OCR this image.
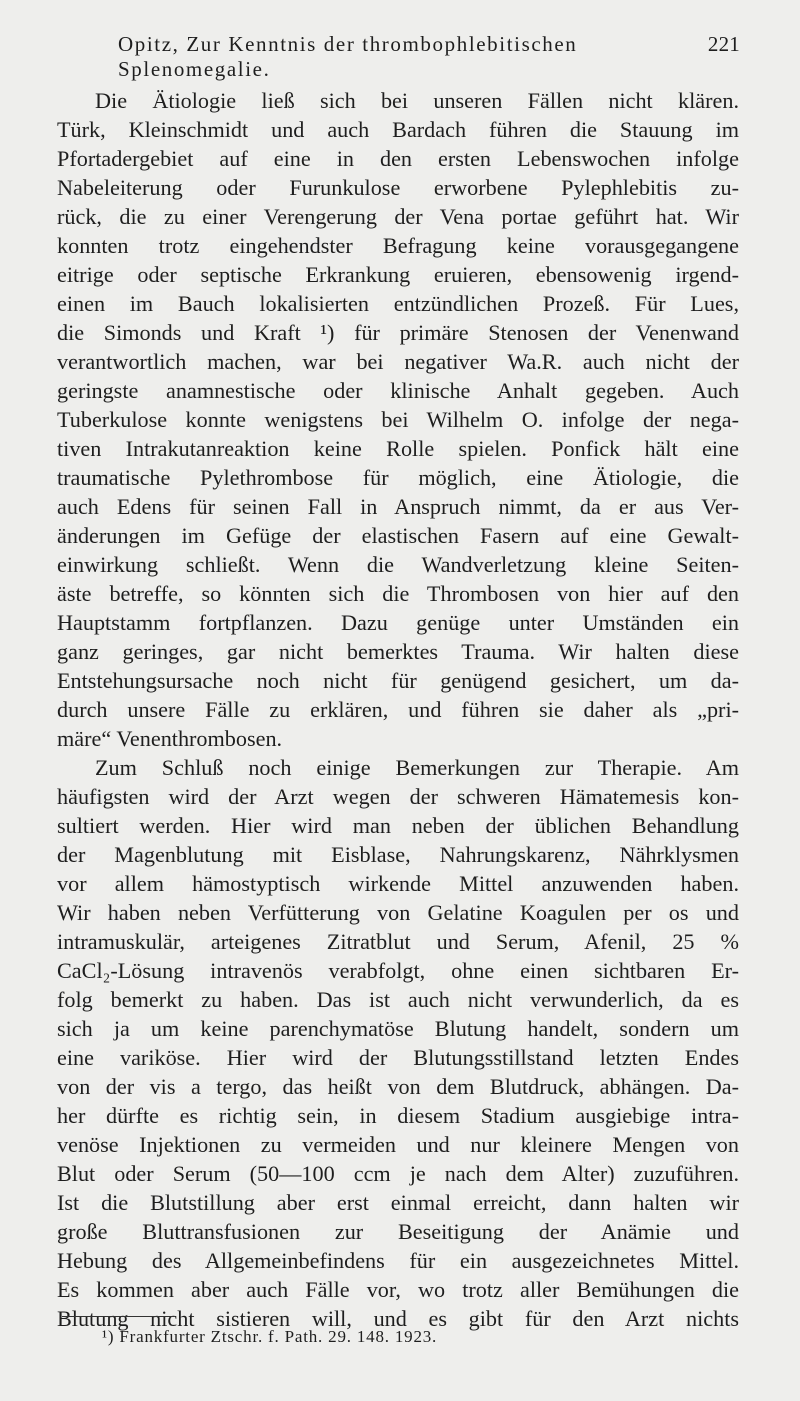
Opitz, Zur Kenntnis der thrombophlebitischen Splenomegalie.
221
Die Ätiologie ließ sich bei unseren Fällen nicht klären.
Türk, Kleinschmidt und auch Bardach führen die Stauung im
Pfortadergebiet auf eine in den ersten Lebenswochen infolge
Nabeleiterung oder Furunkulose erworbene Pylephlebitis zu-
rück, die zu einer Verengerung der Vena portae geführt hat. Wir
konnten trotz eingehendster Befragung keine vorausgegangene
eitrige oder septische Erkrankung eruieren, ebensowenig irgend-
einen im Bauch lokalisierten entzündlichen Prozeß. Für Lues,
die Simonds und Kraft ¹) für primäre Stenosen der Venenwand
verantwortlich machen, war bei negativer Wa.R. auch nicht der
geringste anamnestische oder klinische Anhalt gegeben. Auch
Tuberkulose konnte wenigstens bei Wilhelm O. infolge der nega-
tiven Intrakutanreaktion keine Rolle spielen. Ponfick hält eine
traumatische Pylethrombose für möglich, eine Ätiologie, die
auch Edens für seinen Fall in Anspruch nimmt, da er aus Ver-
änderungen im Gefüge der elastischen Fasern auf eine Gewalt-
einwirkung schließt. Wenn die Wandverletzung kleine Seiten-
äste betreffe, so könnten sich die Thrombosen von hier auf den
Hauptstamm fortpflanzen. Dazu genüge unter Umständen ein
ganz geringes, gar nicht bemerktes Trauma. Wir halten diese
Entstehungsursache noch nicht für genügend gesichert, um da-
durch unsere Fälle zu erklären, und führen sie daher als „pri-
märe“ Venenthrombosen.
Zum Schluß noch einige Bemerkungen zur Therapie. Am
häufigsten wird der Arzt wegen der schweren Hämatemesis kon-
sultiert werden. Hier wird man neben der üblichen Behandlung
der Magenblutung mit Eisblase, Nahrungskarenz, Nährklysmen
vor allem hämostyptisch wirkende Mittel anzuwenden haben.
Wir haben neben Verfütterung von Gelatine Koagulen per os und
intramuskulär, arteigenes Zitratblut und Serum, Afenil, 25 %
CaCl₂-Lösung intravenös verabfolgt, ohne einen sichtbaren Er-
folg bemerkt zu haben. Das ist auch nicht verwunderlich, da es
sich ja um keine parenchymatöse Blutung handelt, sondern um
eine variköse. Hier wird der Blutungsstillstand letzten Endes
von der vis a tergo, das heißt von dem Blutdruck, abhängen. Da-
her dürfte es richtig sein, in diesem Stadium ausgiebige intra-
venöse Injektionen zu vermeiden und nur kleinere Mengen von
Blut oder Serum (50—100 ccm je nach dem Alter) zuzuführen.
Ist die Blutstillung aber erst einmal erreicht, dann halten wir
große Bluttransfusionen zur Beseitigung der Anämie und
Hebung des Allgemeinbefindens für ein ausgezeichnetes Mittel.
Es kommen aber auch Fälle vor, wo trotz aller Bemühungen die
Blutung nicht sistieren will, und es gibt für den Arzt nichts
¹) Frankfurter Ztschr. f. Path. 29. 148. 1923.
